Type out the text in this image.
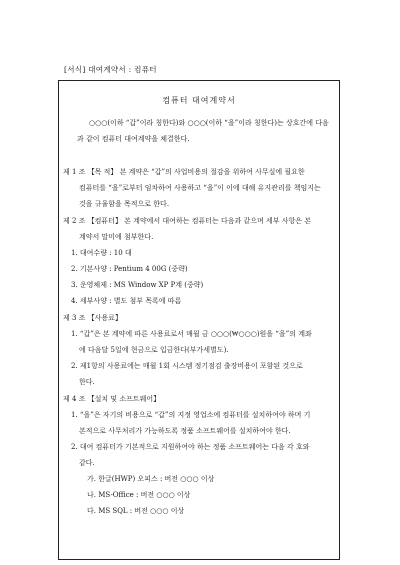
[서식] 대여계약서 : 컴퓨터
컴퓨터 대여계약서
○○○(이하 “갑”이라 칭한다)와 ○○○(이하 “을”이라 칭한다)는 상호간에 다음
과 같이 컴퓨터 대여계약을 체결한다.
제 1 조 【목 적】 본 계약은 “갑”의 사업비용의 절감을 위하여 사무실에 필요한
컴퓨터를 “을”로부터 임차하여 사용하고 “을”이 이에 대해 유지관리를 책임지는
것을 규율함을 목적으로 한다.
제 2 조 【컴퓨터】 본 계약에서 대여하는 컴퓨터는 다음과 같으며 세부 사항은 본
계약서 말미에 첨부한다.
1. 대여수량 : 10 대
2. 기본사양 : Pentium 4 00G (중략)
3. 운영체제 : MS Window XP P계 (중략)
4. 세부사양 : 별도 첨부 목록에 따름
제 3 조 【사용료】
1. “갑”은 본 계약에 따른 사용료로서 매월 금 ○○○(₩○○○)원을 “을”의 계좌
에 다음달 5일에 현금으로 입금한다(부가세별도).
2. 제1항의 사용료에는 매월 1회 시스템 정기점검 출장비용이 포함된 것으로
한다.
제 4 조 【설치 및 소프트웨어】
1. “을”은 자기의 비용으로 “갑”의 지정 영업소에 컴퓨터를 설치하여야 하며 기
본적으로 사무처리가 가능하도록 정품 소프트웨어를 설치하여야 한다.
2. 대여 컴퓨터가 기본적으로 지원하여야 하는 정품 소프트웨어는 다음 각 호와
같다.
가. 한글(HWP) 오피스 : 버전 ○○○ 이상
나. MS-Office : 버전 ○○○ 이상
다. MS SQL : 버전 ○○○ 이상
